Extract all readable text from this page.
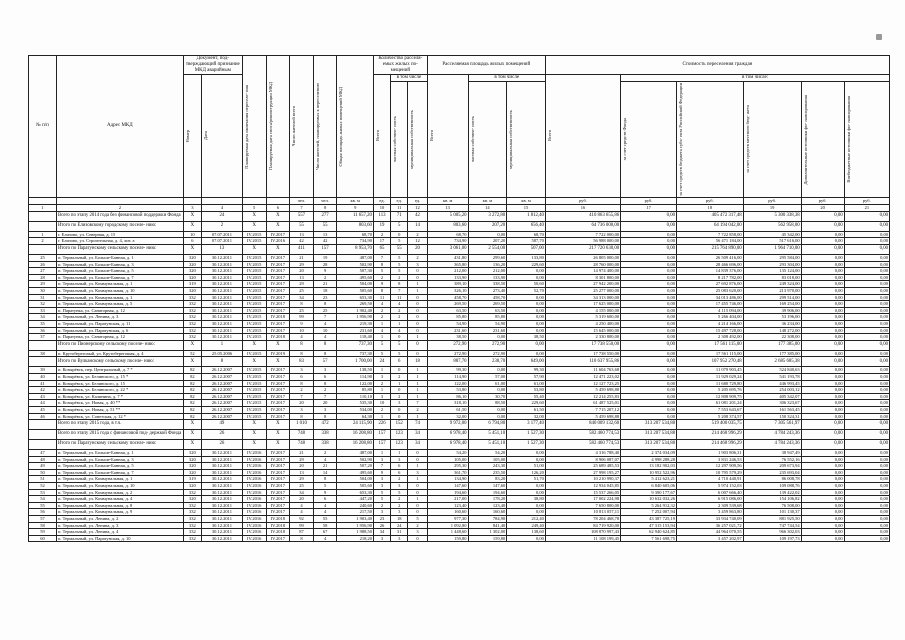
№ п/п	Адрес МКД	Документ, под- тверждающий признание МКД аварийным		Планируемая дата окончания переселе- ния	Планируемая дата сноса/реконструкции МКД	Число жителей всего	Число жителей, планируемых к переселению	Общая площадь жилых помещений МКД	Количество расселя- емых жилых по- мещений			Расселяемая площадь жилых помещений			Стоимость переселения граждан					

		Номер	Дата						Всего	в том числе		Всего	в том числе		Всего	в том числе:				

										частная собствен- ность	муниципальная собственность		частная собствен- ность	муниципальная собственность		за счет средств Фонда	за счет средств бюджета субъ- екта Российской Федерации	за счет средств местного бюд- жета	Дополнительные источники фи- нансирования	Внебюджетные источники фи- нансирования

						чел.	чел.	кв. м	ед.	ед.	ед.	кв. м	кв. м	кв. м	руб.	руб.	руб.	руб.	руб.	руб.
1	2	3	4	5	6	7	8	9	10	11	12	13	14	15	16	17	18	19	20	21
	Всего по этапу 2014 года без финансовой поддержки Фонда	X	24	X	X	557	277	11 657,20	113	71	42	5 005,20	3 272,80	1 812,40	410 863 655,86	0,00	405 472 317,48	5 300 338,38	0,00	0,00
	Итого по Елизовскому городскому поселе- нию:	X	2	X	X	55	55	803,60	19	5	14	803,60	207,20	656,40	64 736 000,00	0,00	64 194 042,00	562 958,00	0,00	0,00
1	г. Елизово, ул. Северная, д. 15	10	07.07.2011	IV.2015	IV.2017	13	13	68,70	2	0	2	68,70	0,00	68,70	7 722 000,00	0,00	7 722 858,00	45 342,00	0,00	0,00
2	г. Елизово, ул. Строительная, д. 4, лит. а	6	07.07.2011	IV.2015	IV.2016	42	42	734,90	17	5	12	734,90	207,20	587,70	56 988 000,00	0,00	56 471 184,00	517 616,00	0,00	0,00
	Итого по Паратунскому сельскому поселе- нию:	X	13	X	X	411	157	8 953,70	65	55	20	3 061,00	2 554,00	507,00	217 720 630,00	0,00	215 764 890,00	1 964 710,00	0,00	0,00
25	п. Термальный, ул. Больше-Банная, д. 1	320	30.12.2011	IV.2015	IV.2017	21	19	487,00	7	5	2	431,80	299,60	133,80	26 805 000,00	0,00	26 509 416,00	295 584,00	0,00	0,00
26	п. Термальный, ул. Больше-Банная, д. 3	320	30.12.2011	IV.2015	IV.2017	29	28	502,90	8	5	3	365,80	136,20	229,60	28 760 000,00	0,00	28 466 696,00	293 304,00	0,00	0,00
27	п. Термальный, ул. Больше-Банная, д. 5	320	30.12.2011	IV.2015	IV.2017	20	9	507,30	5	5	0	212,00	212,00	0,00	14 974 400,00	0,00	14 839 376,00	135 124,00	0,00	0,00
28	п. Термальный, ул. Больше-Банная, д. 7	320	30.12.2011	IV.2015	IV.2017	13	2	495,60	2	2	0	133,90	133,90	0,00	8 301 800,00	0,00	8 217 782,00	83 018,00	0,00	0,00
29	п. Термальный, ул. Коммунальная, д. 1	319	30.12.2011	IV.2015	IV.2017	29	21	504,00	9	8	1	389,10	338,50	50,60	27 942 200,00	0,00	27 692 876,00	249 324,00	0,00	0,00
30	п. Термальный, ул. Коммунальная, д. 10	320	30.12.2011	IV.2015	IV.2017	25	18	505,60	8	7	1	326,10	273,40	52,70	25 277 000,00	0,00	25 083 620,00	213 970,00	0,00	0,00
31	п. Термальный, ул. Коммунальная, д. 1	332	30.12.2011	IV.2015	IV.2017	34	23	653,30	11	11	0	458,70	458,70	0,00	34 313 000,00	0,00	34 013 486,00	299 514,00	0,00	0,00
32	п. Термальный, ул. Коммунальная, д. 5	332	30.12.2011	IV.2015	IV.2017	8	8	269,50	4	4	0	269,50	269,50	0,00	17 625 000,00	0,00	17 455 746,00	169 254,00	0,00	0,00
33	п. Паратунка, ул. Санаторная, д. 12	332	30.12.2011	IV.2015	IV.2017	25	25	1 902,40	2	2	0	63,50	63,50	0,00	4 155 000,00	0,00	4 115 094,00	39 906,00	0,00	0,00
34	п. Термальный, ул. Ленина, д. 3	332	30.12.2011	IV.2015	IV.2018	99	7	1 956,90	2	2	0	85,80	85,80	0,00	5 319 600,00	0,00	5 266 404,00	53 196,00	0,00	0,00
35	п. Термальный, ул. Паратунская, д. 11	332	30.12.2011	IV.2015	IV.2017	9	4	219,30	1	1	0	54,90	54,90	0,00	4 250 400,00	0,00	4 214 166,00	36 234,00	0,00	0,00
36	п. Термальный, ул. Паратунская, д. 6	332	30.12.2011	IV.2015	IV.2017	10	10	231,60	4	4	0	231,60	231,60	0,00	15 645 000,00	0,00	15 497 728,00	148 272,00	0,00	0,00
37	п. Паратунка, ул. Санаторная, д. 12	332	30.12.2011	IV.2015	IV.2018	4	4	118,40	1	0	1	38,50	0,00	38,50	2 330 800,00	0,00	2 308 492,00	22 308,00	0,00	0,00
	Итого по Пионерскому сельскому поселе- нию:	X	1	X	X	8	8	737,30	5	5	0	272,90	272,90	0,00	17 738 550,00	0,00	17 561 115,00	177 385,00	0,00	0,00
38	п. Крутоберегоаый, ул. Крутоберегошая, д. 4	52	25.05.2006	IV.2015	IV.2019	8	8	737,30	5	5	0	272,90	272,90	0,00	17 738 550,00	0,00	17 561 115,00	177 385,00	0,00	0,00
	Итого по Вулканскому сельскому поселе- нию:	X	8	X	X	83	57	1 700,00	24	6	18	887,70	238,70	649,00	110 637 955,86	0,00	107 952 270,48	2 685 685,38	0,00	0,00
39	п. Козырёвск, пер. Центральный, д. 7 *	82	26.12.2007	IV.2015	IV.2017	3	3	138,50	1	0	1	99,30	0,00	99,30	11 604 763,68	0,00	11 079 903,45	524 840,63	0,00	0,00
40	п. Козырёвск, ул. Белинского, д. 15 *	82	26.12.2007	IV.2015	IV.2017	6	6	114,90	3	2	1	114,90	57,00	57,90	12 471 223,02	0,00	11 929 029,24	541 193,78	0,00	0,00
41	п. Козырёвск, ул. Белинского, д. 15	82	26.12.2007	IV.2015	IV.2017	8	8	122,00	2	1	1	122,00	61,00	61,00	12 127 723,25	0,00	11 680 729,80	446 993,45	0,00	0,00
42	п. Козырёвск, ул. Белинского, д. 22 *	82	26.12.2007	IV.2015	IV.2017	2	2	85,80	1	0	1	53,80	0,00	53,80	5 459 698,88	0,00	5 205 695,76	254 003,12	0,00	0,00
43	п. Козырёвск, ул. Калинина, д. 7 *	82	26.12.2007	IV.2015	IV.2017	7	7	110,10	3	2	1	86,10	30,70	55,40	12 214 255,83	0,00	12 808 909,75	405 342,07	0,00	0,00
44	п. Козырёвск, ул. Новая, д. 40 **	82	26.12.2007	IV.2015	IV.2017	20	20	535,30	10	3	7	318,10	88,50	229,60	61 487 525,01	0,00	61 081 201,24	306 323,67	0,00	0,00
45	п. Козырёвск, ул. Новая, д. 51 **	82	26.12.2007	IV.2015	IV.2017	3	3	534,00	2	0	2	61,50	0,00	61,50	7 715 207,12	0,00	7 553 643,67	161 563,45	0,00	0,00
46	п. Козырёвск, ул. Советская, д. 12 *	82	26.12.2007	IV.2015	IV.2017	8	8	64,30	1	0	1	32,00	0,00	32,00	5 459 698,88	0,00	5 208 374,57	150 324,31	0,00	0,00
	Всего по этапу 2015 года, в т.ч.	X	49	X	X	1 010	472	24 115,90	226	152	74	9 972,00	6 794,80	3 177,40	840 009 132,60	313 207 534,88	519 400 035,75	7 305 561,97	0,00	0,00
	Всего по этапу 2015 года с финансовой под- держкой Фонда	X	26	X	X	748	338	16 208,80	157	123	34	6 978,40	5 451,10	1 527,30	582 460 774,53	313 207 534,88	214 468 996,29	4 784 243,36	0,00	0,00
	Итого по Паратунскому сельскому поселе- нию:	X	26	X	X	748	338	16 208,80	157	123	34	6 978,40	5 451,10	1 527,30	582 460 774,53	313 207 534,88	214 468 996,29	4 784 243,36	0,00	0,00
47	п. Термальный, ул. Больше-Банная, д. 1	320	30.12.2011	IV.2016	IV.2017	21	2	487,00	1	1	0	54,20	54,20	0,00	4 316 788,40	2 374 034,09	1 903 806,31	38 947,49	0,00	0,00
48	п. Термальный, ул. Больше-Банная, д. 3	320	30.12.2011	IV.2016	IV.2017	29	4	502,90	3	3	0	105,00	105,00	0,00	8 906 087,07	4 998 288,28	3 831 246,53	76 552,16	0,00	0,00
49	п. Термальный, ул. Больше-Банная, д. 5	320	30.12.2011	IV.2016	IV.2017	20	21	507,20	7	6	1	295,30	243,30	51,00	25 689 485,53	13 182 902,03	12 297 909,56	209 673,94	0,00	0,00
50	п. Термальный, ул. Больше-Банная, д. 7	320	30.12.2011	IV.2016	IV.2017	13	14	495,60	9	6	3	361,70	235,50	126,20	27 998 195,27	10 952 522,96	10 795 579,29	235 693,04	0,00	0,00
51	п. Термальный, ул. Коммунальная, д. 1	319	30.12.2011	IV.2016	IV.2017	29	8	504,00	3	2	1	134,90	83,20	51,70	10 210 990,37	5 412 623,21	4 710 440,91	86 008,78	0,00	0,00
52	п. Термальный, ул. Коммунальная, д. 10	320	30.12.2011	IV.2016	IV.2017	25	5	505,60	3	3	0	147,60	147,60	0,00	12 934 045,85	6 840 605,06	5 974 152,03	109 088,76	0,00	0,00
53	п. Термальный, ул. Коммунальная, д. 2	332	30.12.2011	IV.2016	IV.2017	34	9	653,30	5	5	0	194,60	194,60	0,00	15 537 266,05	9 390 177,67	6 007 666,40	139 422,02	0,00	0,00
54	п. Термальный, ул. Коммунальная, д. 4	320	30.12.2011	IV.2016	IV.2017	20	6	447,20	5	2	1	217,00	178,20	38,80	17 002 224,98	10 632 032,26	6 915 086,00	154 106,82	0,00	0,00
55	п. Термальный, ул. Коммунальная, д. 8	332	30.12.2011	IV.2016	IV.2017	4	4	240,60	2	2	0	123,40	123,40	0,00	7 650 800,00	5 264 912,32	2 309 539,68	76 508,00	0,00	0,00
56	п. Термальный, ул. Коммунальная, д. 9	332	30.12.2011	IV.2016	IV.2017	4	4	217,50	3	3	0	160,60	160,60	0,00	10 813 057,11	7 252 007,94	3 459 863,80	101 130,37	0,00	0,00
57	п. Термальный, ул. Ленина, д. 2	332	30.12.2011	IV.2016	IV.2018	92	55	1 903,40	23	18	5	977,30	784,90	212,40	78 204 468,78	43 387 725,19	33 934 740,09	881 925,50	0,00	0,00
58	п. Термальный, ул. Ленина, д. 3	332	30.12.2011	IV.2016	IV.2018	99	58	1 956,90	26	24	2	1 092,80	841,40	249,40	84 719 920,00	47 315 153,94	36 257 021,72	747 744,54	0,00	0,00
59	п. Термальный, ул. Ленина, д. 4	332	30.12.2011	IV.2016	IV.2018	87	67	1 988,50	34	31	3	1 448,60	1 302,00	138,60	108 870 997,43	62 940 624,85	44 964 070,55	966 302,03	0,00	0,00
60	п. Термальный, ул. Паратунская, д. 10	332	30.12.2011	IV.2016	IV.2017	8	4	218,20	3	3	0	159,80	159,80	0,00	11 108 199,45	7 561 698,75	3 457 202,97	109 197,73	0,00	0,00
